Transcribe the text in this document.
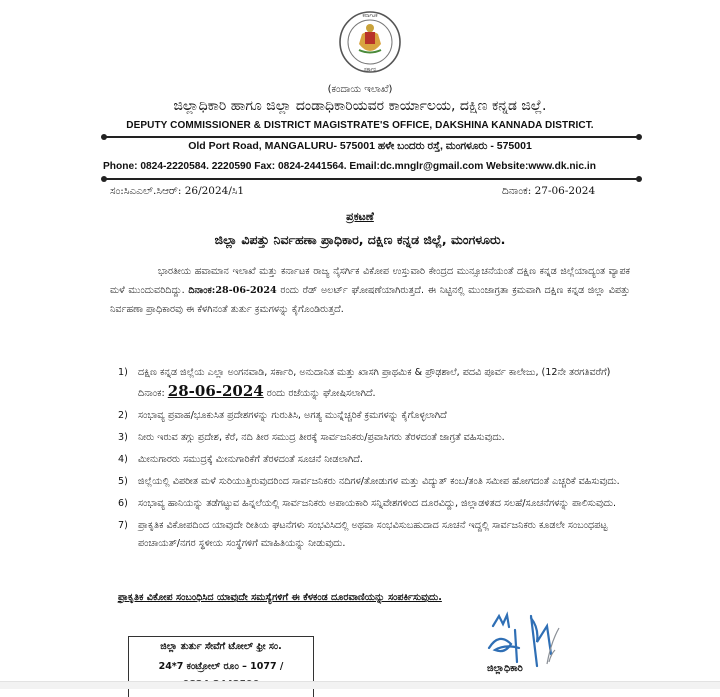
ಕರ್ನಾಟಕ
ಸರ್ಕಾರ
(ಕಂದಾಯ ಇಲಾಖೆ)
ಜಿಲ್ಲಾಧಿಕಾರಿ ಹಾಗೂ ಜಿಲ್ಲಾ ದಂಡಾಧಿಕಾರಿಯವರ ಕಾರ್ಯಾಲಯ, ದಕ್ಷಿಣ ಕನ್ನಡ ಜಿಲ್ಲೆ.
DEPUTY COMMISSIONER & DISTRICT MAGISTRATE'S OFFICE, DAKSHINA KANNADA DISTRICT.
Old Port Road, MANGALURU- 575001 ಹಳೇ ಬಂದರು ರಸ್ತೆ, ಮಂಗಳೂರು - 575001
Phone: 0824-2220584. 2220590 Fax: 0824-2441564. Email:dc.mnglr@gmail.com Website:www.dk.nic.in
ಸಂ:ಸಿಎಎಲ್.ಸಿಆರ್: 26/2024/ಸಿ1	ದಿನಾಂಕ: 27-06-2024
ಪ್ರಕಟಣೆ
ಜಿಲ್ಲಾ ವಿಪತ್ತು ನಿರ್ವಹಣಾ ಪ್ರಾಧಿಕಾರ, ದಕ್ಷಿಣ ಕನ್ನಡ ಜಿಲ್ಲೆ, ಮಂಗಳೂರು.
ಭಾರತೀಯ ಹವಾಮಾನ ಇಲಾಖೆ ಮತ್ತು ಕರ್ನಾಟಕ ರಾಜ್ಯ ನೈಸರ್ಗಿಕ ವಿಕೋಪ ಉಸ್ತುವಾರಿ ಕೇಂದ್ರದ ಮುನ್ಸೂಚನೆಯಂತೆ ದಕ್ಷಿಣ ಕನ್ನಡ ಜಿಲ್ಲೆಯಾದ್ಯಂತ ವ್ಯಾಪಕ ಮಳೆ ಮುಂದುವರಿದಿದ್ದು. ದಿನಾಂಕ:28-06-2024 ರಂದು ರೆಡ್ ಅಲರ್ಟ್ ಘೋಷಣೆಯಾಗಿರುತ್ತದೆ. ಈ ನಿಟ್ಟಿನಲ್ಲಿ ಮುಂಜಾಗ್ರತಾ ಕ್ರಮವಾಗಿ ದಕ್ಷಿಣ ಕನ್ನಡ ಜಿಲ್ಲಾ ವಿಪತ್ತು ನಿರ್ವಹಣಾ ಪ್ರಾಧಿಕಾರವು ಈ ಕೆಳಗಿನಂತೆ ತುರ್ತು ಕ್ರಮಗಳನ್ನು ಕೈಗೊಂಡಿರುತ್ತದೆ.
1) ದಕ್ಷಿಣ ಕನ್ನಡ ಜಿಲ್ಲೆಯ ಎಲ್ಲಾ ಅಂಗನವಾಡಿ, ಸರ್ಕಾರಿ, ಅನುದಾನಿತ ಮತ್ತು ಖಾಸಗಿ ಪ್ರಾಥಮಿಕ & ಪ್ರೌಢಶಾಲೆ, ಪದವಿ ಪೂರ್ವ ಕಾಲೇಜು, (12ನೇ ತರಗತಿವರೆಗೆ) ದಿನಾಂಕ: 28-06-2024 ರಂದು ರಜೆಯನ್ನು ಘೋಷಿಸಲಾಗಿದೆ.
2) ಸಂಭಾವ್ಯ ಪ್ರವಾಹ/ಭೂಕುಸಿತ ಪ್ರದೇಶಗಳನ್ನು ಗುರುತಿಸಿ, ಅಗತ್ಯ ಮುನ್ನೆಚ್ಚರಿಕೆ ಕ್ರಮಗಳನ್ನು ಕೈಗೊಳ್ಳಲಾಗಿದೆ
3) ನೀರು ಇರುವ ತಗ್ಗು ಪ್ರದೇಶ, ಕೆರೆ, ನದಿ ತೀರ ಸಮುದ್ರ ತೀರಕ್ಕೆ ಸಾರ್ವಜನಿಕರು/ಪ್ರವಾಸಿಗರು ತೆರಳದಂತೆ ಜಾಗ್ರತೆ ವಹಿಸುವುದು.
4) ಮೀನುಗಾರರು ಸಮುದ್ರಕ್ಕೆ ಮೀನುಗಾರಿಕೆಗೆ ತೆರಳದಂತೆ ಸೂಚನೆ ನೀಡಲಾಗಿದೆ.
5) ಜಿಲ್ಲೆಯಲ್ಲಿ ವಿಪರೀತ ಮಳೆ ಸುರಿಯುತ್ತಿರುವುದರಿಂದ ಸಾರ್ವಜನಿಕರು ನದಿಗಳ/ತೋಡುಗಳ ಮತ್ತು ವಿದ್ಯುತ್ ಕಂಬ/ತಂತಿ ಸಮೀಪ ಹೋಗದಂತೆ ಎಚ್ಚರಿಕೆ ವಹಿಸುವುದು.
6) ಸಂಭಾವ್ಯ ಹಾನಿಯನ್ನು ತಡೆಗಟ್ಟುವ ಹಿನ್ನಲೆಯಲ್ಲಿ ಸಾರ್ವಜನಿಕರು ಅಪಾಯಕಾರಿ ಸನ್ನಿವೇಶಗಳಿಂದ ದೂರವಿದ್ದು, ಜಿಲ್ಲಾಡಳಿತದ ಸಲಹೆ/ಸೂಚನೆಗಳನ್ನು ಪಾಲಿಸುವುದು.
7) ಪ್ರಾಕೃತಿಕ ವಿಕೋಪದಿಂದ ಯಾವುದೇ ರೀತಿಯ ಘಟನೆಗಳು ಸಂಭವಿಸಿದಲ್ಲಿ ಅಥವಾ ಸಂಭವಿಸುಬಹುದಾದ ಸೂಚನೆ ಇದ್ದಲ್ಲಿ ಸಾರ್ವಜನಿಕರು ಕೂಡಲೇ ಸಂಬಂಧಪಟ್ಟ ಪಂಚಾಯತ್/ನಗರ ಸ್ಥಳೀಯ ಸಂಸ್ಥೆಗಳಿಗೆ ಮಾಹಿತಿಯನ್ನು ನೀಡುವುದು.
ಪ್ರಾಕೃತಿಕ ವಿಕೋಪ ಸಂಬಂಧಿಸಿದ ಯಾವುದೇ ಸಮಸ್ಯೆಗಳಿಗೆ ಈ ಕೆಳಕಂಡ ದೂರವಾಣಿಯನ್ನು ಸಂಪರ್ಕಿಸುವುದು.
ಜಿಲ್ಲಾ ತುರ್ತು ಸೇವೆಗೆ ಟೋಲ್ ಫ್ರೀ ಸಂ.
24*7 ಕಂಟ್ರೋಲ್ ರೂಂ – 1077 /	ಜಿಲ್ಲಾಧಿಕಾರಿ
